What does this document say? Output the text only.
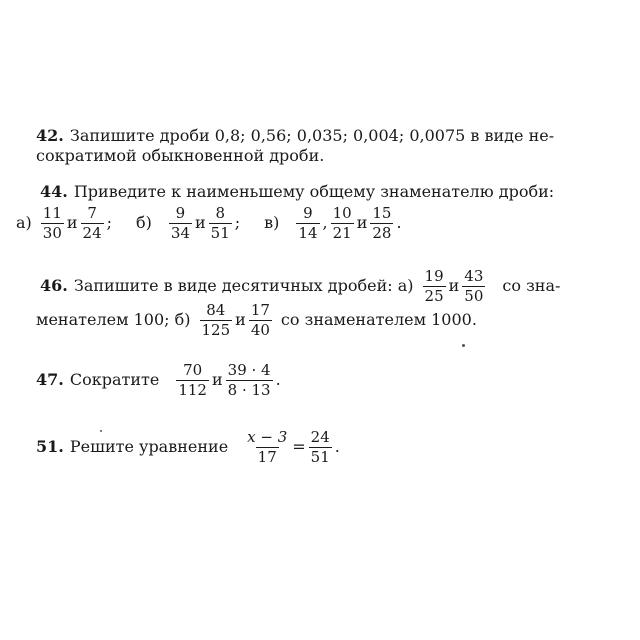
42. Запишите дроби 0,8; 0,56; 0,035; 0,004; 0,0075 в виде не-
сократимой обыкновенной дроби.
44. Приведите к наименьшему общему знаменателю дроби:
$а) \frac{11}{30}$ и $\frac{7}{24}$ ; $б) \frac{9}{34}$ и $\frac{8}{51}$ ; $в) \frac{9}{14}$ , $\frac{10}{21}$ и $\frac{15}{28}$ .
46. Запишите в виде десятичных дробей: $а) \frac{19}{25}$ и $\frac{43}{50}$ со зна-
менателем 100; $б) \frac{84}{125}$ и $\frac{17}{40}$ со знаменателем 1000.
47. Сократите $\frac{70}{112}$ и $\frac{39 \cdot 4}{8 \cdot 13}$ .
51. Решите уравнение $\frac{x - 3}{17} = \frac{24}{51}$ .
